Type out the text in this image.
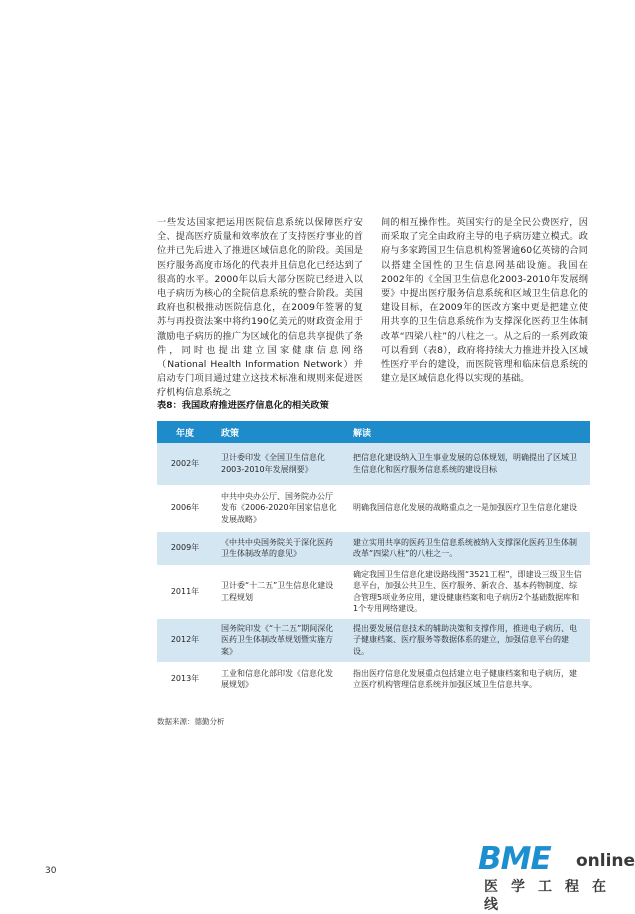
一些发达国家把运用医院信息系统以保障医疗安全、提高医疗质量和效率放在了支持医疗事业的首位并已先后进入了推进区域信息化的阶段。美国是医疗服务高度市场化的代表并且信息化已经达到了很高的水平。2000年以后大部分医院已经进入以电子病历为核心的全院信息系统的整合阶段。美国政府也积极推动医院信息化，在2009年签署的复苏与再投资法案中将约190亿美元的财政资金用于激励电子病历的推广为区域化的信息共享提供了条件，同时也提出建立国家健康信息网络（National Health Information Network）并启动专门项目通过建立这技术标准和规则来促进医疗机构信息系统之
间的相互操作性。英国实行的是全民公费医疗，因而采取了完全由政府主导的电子病历建立模式。政府与多家跨国卫生信息机构签署逾60亿英镑的合同以搭建全国性的卫生信息网基础设施。我国在2002年的《全国卫生信息化2003-2010年发展纲要》中提出医疗服务信息系统和区域卫生信息化的建设目标，在2009年的医改方案中更是把建立使用共享的卫生信息系统作为支撑深化医药卫生体制改革“四梁八柱”的八柱之一。从之后的一系列政策可以看到（表8），政府将持续大力推进并投入区域性医疗平台的建设，而医院管理和临床信息系统的建立是区域信息化得以实现的基础。
表8：我国政府推进医疗信息化的相关政策
年度	政策	解读
2002年	卫计委印发《全国卫生信息化2003-2010年发展纲要》	把信息化建设纳入卫生事业发展的总体规划，明确提出了区域卫生信息化和医疗服务信息系统的建设目标
2006年	中共中央办公厅、国务院办公厅发布《2006-2020年国家信息化发展战略》	明确我国信息化发展的战略重点之一是加强医疗卫生信息化建设
2009年	《中共中央国务院关于深化医药卫生体制改革的意见》	建立实用共享的医药卫生信息系统被纳入支撑深化医药卫生体制改革“四梁八柱”的八柱之一。
2011年	卫计委“十二五”卫生信息化建设工程规划	确定我国卫生信息化建设路线图“3521工程”，即建设三级卫生信息平台，加强公共卫生、医疗服务、新农合、基本药物制度、综合管理5项业务应用，建设健康档案和电子病历2个基础数据库和1个专用网络建设。
2012年	国务院印发《“十二五”期间深化医药卫生体制改革规划暨实施方案》	提出要发展信息技术的辅助决策和支撑作用，推进电子病历、电子健康档案、医疗服务等数据体系的建立，加强信息平台的建设。
2013年	工业和信息化部印发《信息化发展规划》	指出医疗信息化发展重点包括建立电子健康档案和电子病历，建立医疗机构管理信息系统并加强区域卫生信息共享。
数据来源：德勤分析
30	BME online
医学工程在线
